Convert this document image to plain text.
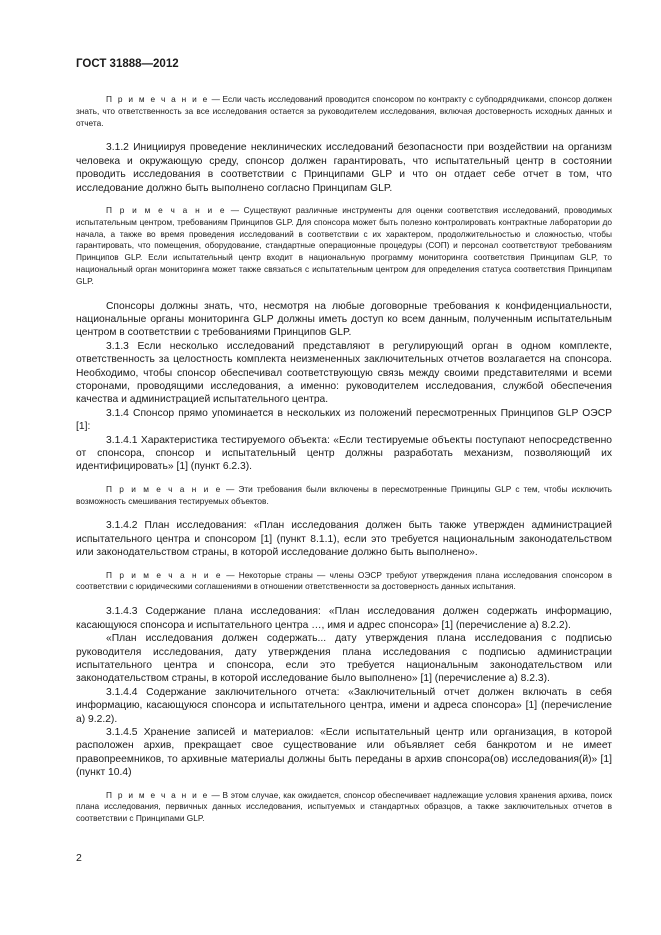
ГОСТ 31888—2012

П р и м е ч а н и е — Если часть исследований проводится спонсором по контракту с субподрядчиками, спонсор должен знать, что ответственность за все исследования остается за руководителем исследования, включая достоверность исходных данных и отчета.

3.1.2 Инициируя проведение неклинических исследований безопасности при воздействии на организм человека и окружающую среду, спонсор должен гарантировать, что испытательный центр в состоянии проводить исследования в соответствии с Принципами GLP и что он отдает себе отчет в том, что исследование должно быть выполнено согласно Принципам GLP.

П р и м е ч а н и е — Существуют различные инструменты для оценки соответствия исследований, проводимых испытательным центром, требованиям Принципов GLP. Для спонсора может быть полезно контролировать контрактные лаборатории до начала, а также во время проведения исследований в соответствии с их характером, продолжительностью и сложностью, чтобы гарантировать, что помещения, оборудование, стандартные операционные процедуры (СОП) и персонал соответствуют требованиям Принципов GLP. Если испытательный центр входит в национальную программу мониторинга соответствия Принципам GLP, то национальный орган мониторинга может также связаться с испытательным центром для определения статуса соответствия Принципам GLP.

Спонсоры должны знать, что, несмотря на любые договорные требования к конфиденциальности, национальные органы мониторинга GLP должны иметь доступ ко всем данным, полученным испытательным центром в соответствии с требованиями Принципов GLP.

3.1.3 Если несколько исследований представляют в регулирующий орган в одном комплекте, ответственность за целостность комплекта неизмененных заключительных отчетов возлагается на спонсора. Необходимо, чтобы спонсор обеспечивал соответствующую связь между своими представителями и всеми сторонами, проводящими исследования, а именно: руководителем исследования, службой обеспечения качества и администрацией испытательного центра.

3.1.4 Спонсор прямо упоминается в нескольких из положений пересмотренных Принципов GLP ОЭСР [1]:

3.1.4.1 Характеристика тестируемого объекта: «Если тестируемые объекты поступают непосредственно от спонсора, спонсор и испытательный центр должны разработать механизм, позволяющий их идентифицировать» [1] (пункт 6.2.3).

П р и м е ч а н и е — Эти требования были включены в пересмотренные Принципы GLP с тем, чтобы исключить возможность смешивания тестируемых объектов.

3.1.4.2 План исследования: «План исследования должен быть также утвержден администрацией испытательного центра и спонсором [1] (пункт 8.1.1), если это требуется национальным законодательством или законодательством страны, в которой исследование должно быть выполнено».

П р и м е ч а н и е — Некоторые страны — члены ОЭСР требуют утверждения плана исследования спонсором в соответствии с юридическими соглашениями в отношении ответственности за достоверность данных испытания.

3.1.4.3 Содержание плана исследования: «План исследования должен содержать информацию, касающуюся спонсора и испытательного центра …, имя и адрес спонсора» [1] (перечисление а) 8.2.2).

«План исследования должен содержать... дату утверждения плана исследования с подписью руководителя исследования, дату утверждения плана исследования с подписью администрации испытательного центра и спонсора, если это требуется национальным законодательством или законодательством страны, в которой исследование было выполнено» [1] (перечисление а) 8.2.3).

3.1.4.4 Содержание заключительного отчета: «Заключительный отчет должен включать в себя информацию, касающуюся спонсора и испытательного центра, имени и адреса спонсора» [1] (перечисление а) 9.2.2).

3.1.4.5 Хранение записей и материалов: «Если испытательный центр или организация, в которой расположен архив, прекращает свое существование или объявляет себя банкротом и не имеет правопреемников, то архивные материалы должны быть переданы в архив спонсора(ов) исследования(й)» [1] (пункт 10.4)

П р и м е ч а н и е — В этом случае, как ожидается, спонсор обеспечивает надлежащие условия хранения архива, поиск плана исследования, первичных данных исследования, испытуемых и стандартных образцов, а также заключительных отчетов в соответствии с Принципами GLP.

2
